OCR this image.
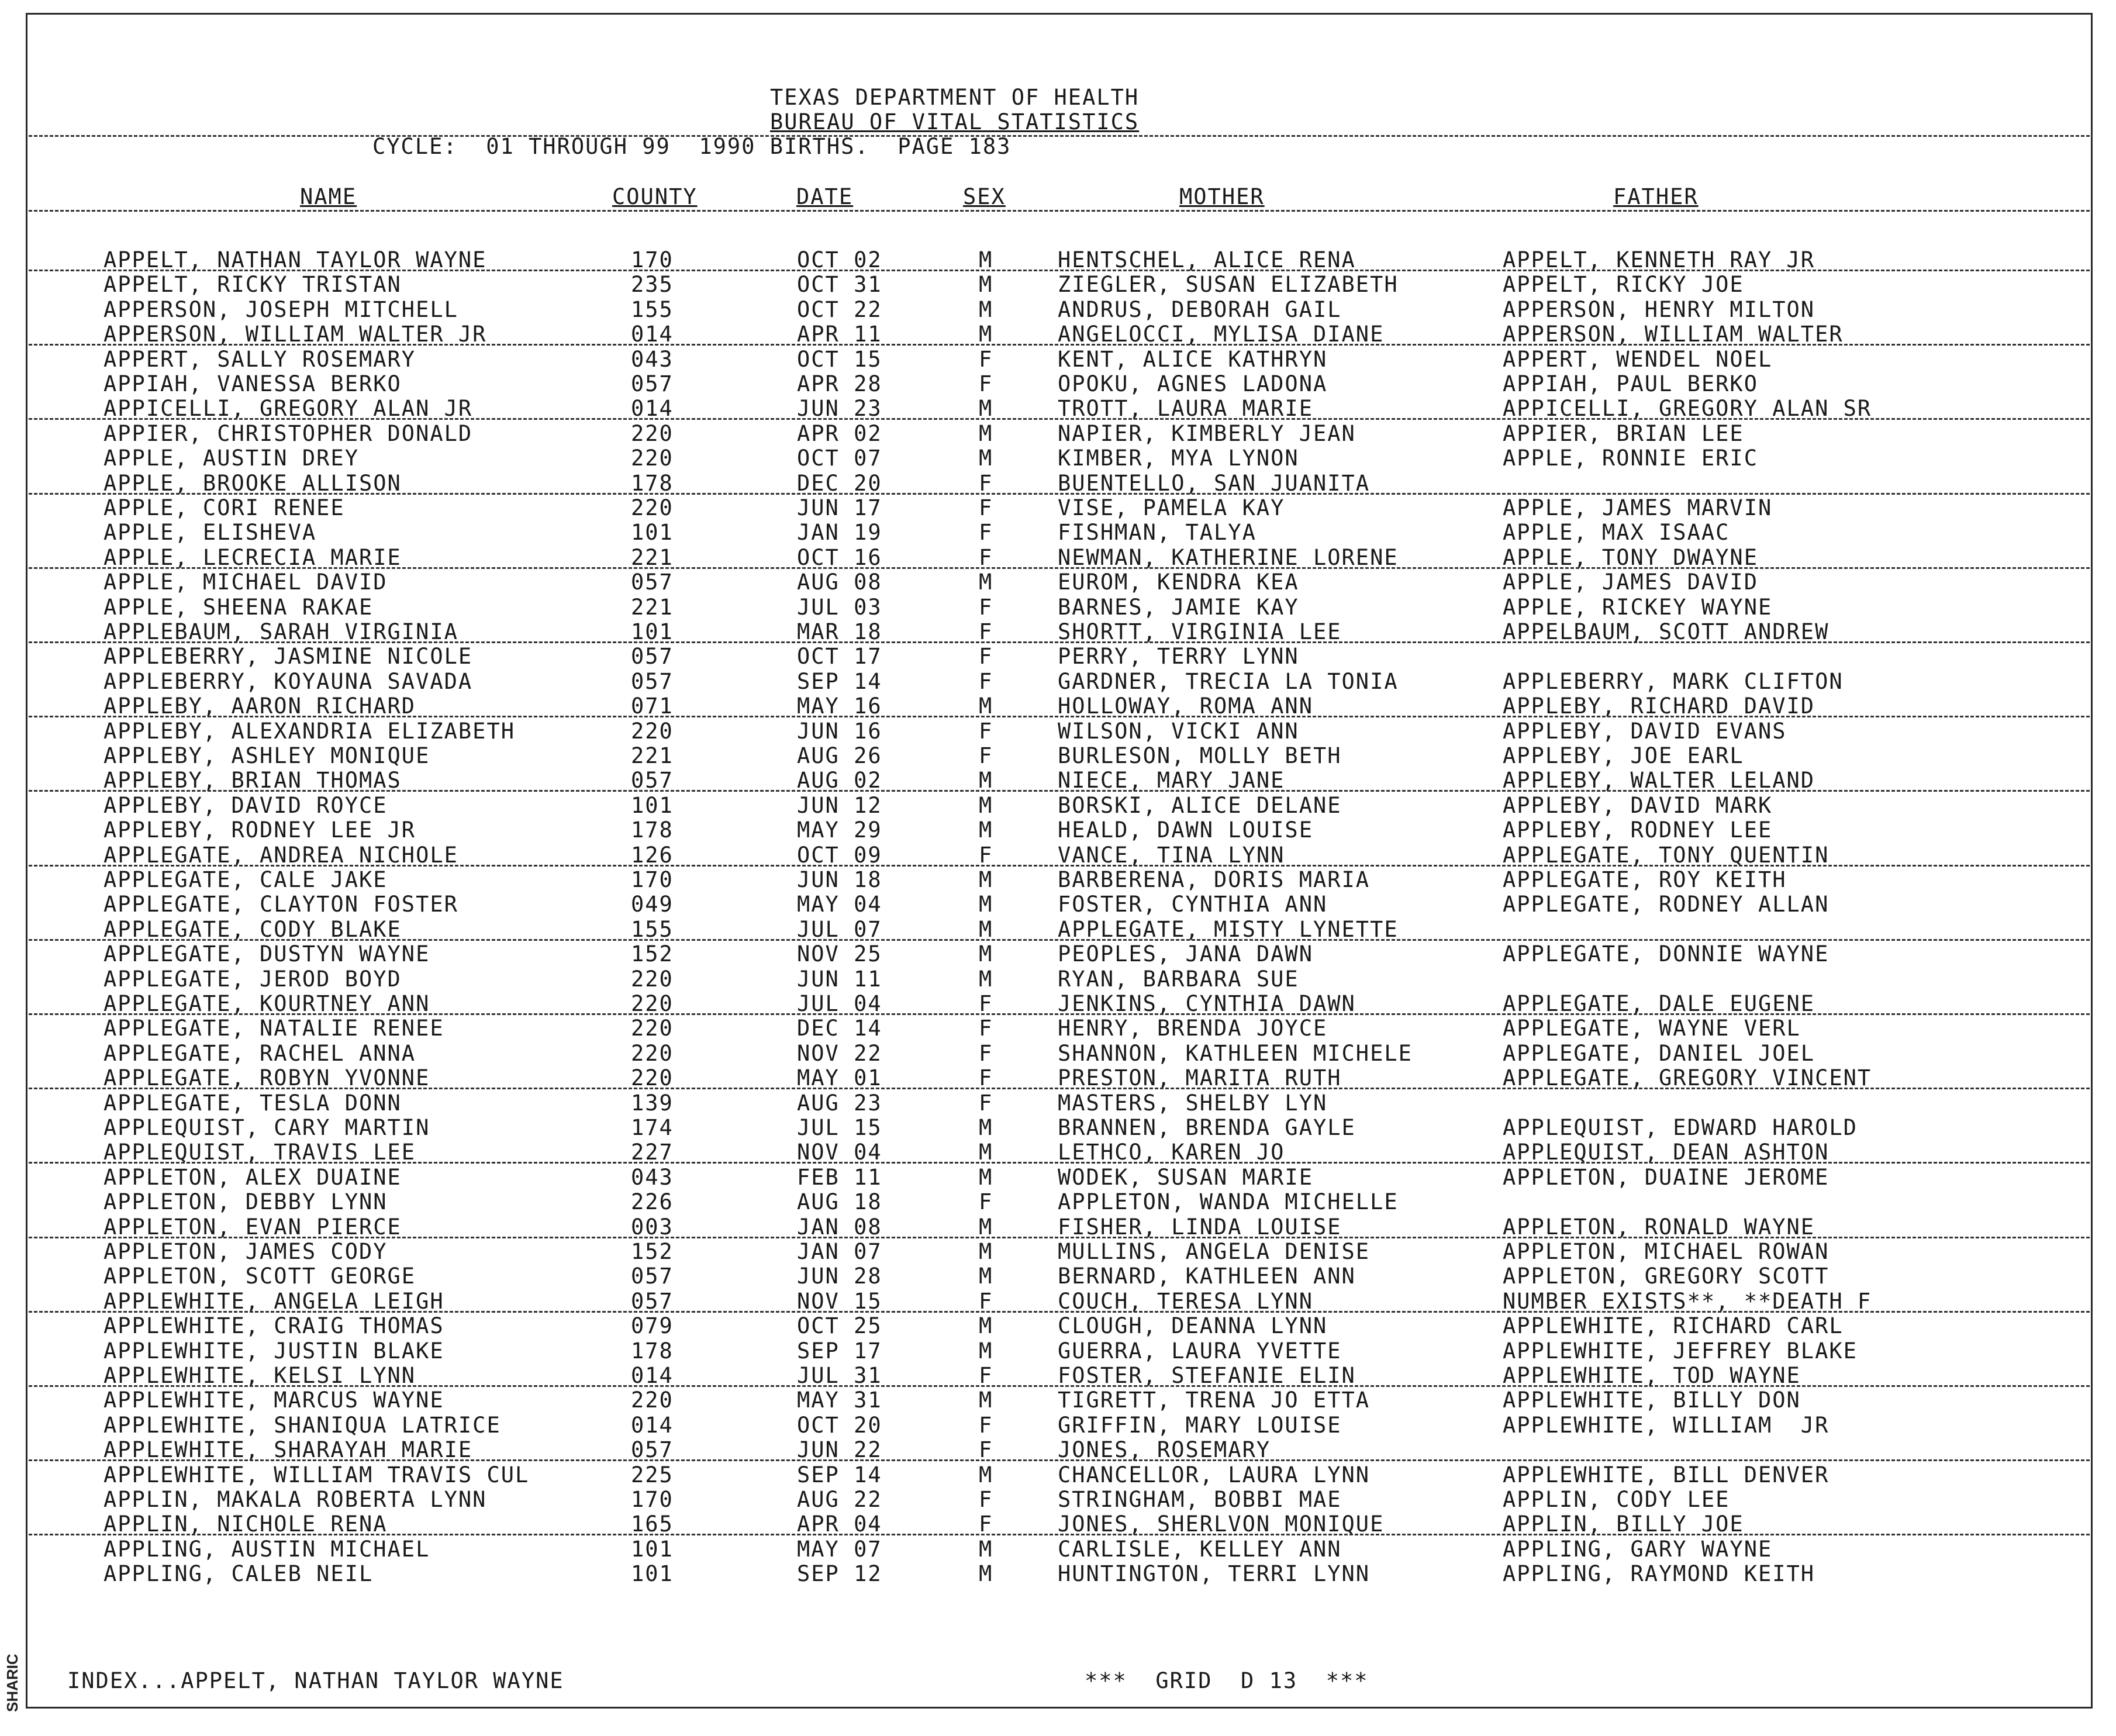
TEXAS DEPARTMENT OF HEALTH
BUREAU OF VITAL STATISTICS
CYCLE:  01 THROUGH 99  1990 BIRTHS.  PAGE 183
NAME	COUNTY	DATE	SEX	MOTHER	FATHER
APPELT, NATHAN TAYLOR WAYNE	170	OCT 02	M	HENTSCHEL, ALICE RENA	APPELT, KENNETH RAY JR
APPELT, RICKY TRISTAN	235	OCT 31	M	ZIEGLER, SUSAN ELIZABETH	APPELT, RICKY JOE
APPERSON, JOSEPH MITCHELL	155	OCT 22	M	ANDRUS, DEBORAH GAIL	APPERSON, HENRY MILTON
APPERSON, WILLIAM WALTER JR	014	APR 11	M	ANGELOCCI, MYLISA DIANE	APPERSON, WILLIAM WALTER
APPERT, SALLY ROSEMARY	043	OCT 15	F	KENT, ALICE KATHRYN	APPERT, WENDEL NOEL
APPIAH, VANESSA BERKO	057	APR 28	F	OPOKU, AGNES LADONA	APPIAH, PAUL BERKO
APPICELLI, GREGORY ALAN JR	014	JUN 23	M	TROTT, LAURA MARIE	APPICELLI, GREGORY ALAN SR
APPIER, CHRISTOPHER DONALD	220	APR 02	M	NAPIER, KIMBERLY JEAN	APPIER, BRIAN LEE
APPLE, AUSTIN DREY	220	OCT 07	M	KIMBER, MYA LYNON	APPLE, RONNIE ERIC
APPLE, BROOKE ALLISON	178	DEC 20	F	BUENTELLO, SAN JUANITA
APPLE, CORI RENEE	220	JUN 17	F	VISE, PAMELA KAY	APPLE, JAMES MARVIN
APPLE, ELISHEVA	101	JAN 19	F	FISHMAN, TALYA	APPLE, MAX ISAAC
APPLE, LECRECIA MARIE	221	OCT 16	F	NEWMAN, KATHERINE LORENE	APPLE, TONY DWAYNE
APPLE, MICHAEL DAVID	057	AUG 08	M	EUROM, KENDRA KEA	APPLE, JAMES DAVID
APPLE, SHEENA RAKAE	221	JUL 03	F	BARNES, JAMIE KAY	APPLE, RICKEY WAYNE
APPLEBAUM, SARAH VIRGINIA	101	MAR 18	F	SHORTT, VIRGINIA LEE	APPELBAUM, SCOTT ANDREW
APPLEBERRY, JASMINE NICOLE	057	OCT 17	F	PERRY, TERRY LYNN
APPLEBERRY, KOYAUNA SAVADA	057	SEP 14	F	GARDNER, TRECIA LA TONIA	APPLEBERRY, MARK CLIFTON
APPLEBY, AARON RICHARD	071	MAY 16	M	HOLLOWAY, ROMA ANN	APPLEBY, RICHARD DAVID
APPLEBY, ALEXANDRIA ELIZABETH	220	JUN 16	F	WILSON, VICKI ANN	APPLEBY, DAVID EVANS
APPLEBY, ASHLEY MONIQUE	221	AUG 26	F	BURLESON, MOLLY BETH	APPLEBY, JOE EARL
APPLEBY, BRIAN THOMAS	057	AUG 02	M	NIECE, MARY JANE	APPLEBY, WALTER LELAND
APPLEBY, DAVID ROYCE	101	JUN 12	M	BORSKI, ALICE DELANE	APPLEBY, DAVID MARK
APPLEBY, RODNEY LEE JR	178	MAY 29	M	HEALD, DAWN LOUISE	APPLEBY, RODNEY LEE
APPLEGATE, ANDREA NICHOLE	126	OCT 09	F	VANCE, TINA LYNN	APPLEGATE, TONY QUENTIN
APPLEGATE, CALE JAKE	170	JUN 18	M	BARBERENA, DORIS MARIA	APPLEGATE, ROY KEITH
APPLEGATE, CLAYTON FOSTER	049	MAY 04	M	FOSTER, CYNTHIA ANN	APPLEGATE, RODNEY ALLAN
APPLEGATE, CODY BLAKE	155	JUL 07	M	APPLEGATE, MISTY LYNETTE
APPLEGATE, DUSTYN WAYNE	152	NOV 25	M	PEOPLES, JANA DAWN	APPLEGATE, DONNIE WAYNE
APPLEGATE, JEROD BOYD	220	JUN 11	M	RYAN, BARBARA SUE
APPLEGATE, KOURTNEY ANN	220	JUL 04	F	JENKINS, CYNTHIA DAWN	APPLEGATE, DALE EUGENE
APPLEGATE, NATALIE RENEE	220	DEC 14	F	HENRY, BRENDA JOYCE	APPLEGATE, WAYNE VERL
APPLEGATE, RACHEL ANNA	220	NOV 22	F	SHANNON, KATHLEEN MICHELE	APPLEGATE, DANIEL JOEL
APPLEGATE, ROBYN YVONNE	220	MAY 01	F	PRESTON, MARITA RUTH	APPLEGATE, GREGORY VINCENT
APPLEGATE, TESLA DONN	139	AUG 23	F	MASTERS, SHELBY LYN
APPLEQUIST, CARY MARTIN	174	JUL 15	M	BRANNEN, BRENDA GAYLE	APPLEQUIST, EDWARD HAROLD
APPLEQUIST, TRAVIS LEE	227	NOV 04	M	LETHCO, KAREN JO	APPLEQUIST, DEAN ASHTON
APPLETON, ALEX DUAINE	043	FEB 11	M	WODEK, SUSAN MARIE	APPLETON, DUAINE JEROME
APPLETON, DEBBY LYNN	226	AUG 18	F	APPLETON, WANDA MICHELLE
APPLETON, EVAN PIERCE	003	JAN 08	M	FISHER, LINDA LOUISE	APPLETON, RONALD WAYNE
APPLETON, JAMES CODY	152	JAN 07	M	MULLINS, ANGELA DENISE	APPLETON, MICHAEL ROWAN
APPLETON, SCOTT GEORGE	057	JUN 28	M	BERNARD, KATHLEEN ANN	APPLETON, GREGORY SCOTT
APPLEWHITE, ANGELA LEIGH	057	NOV 15	F	COUCH, TERESA LYNN	NUMBER EXISTS**, **DEATH F
APPLEWHITE, CRAIG THOMAS	079	OCT 25	M	CLOUGH, DEANNA LYNN	APPLEWHITE, RICHARD CARL
APPLEWHITE, JUSTIN BLAKE	178	SEP 17	M	GUERRA, LAURA YVETTE	APPLEWHITE, JEFFREY BLAKE
APPLEWHITE, KELSI LYNN	014	JUL 31	F	FOSTER, STEFANIE ELIN	APPLEWHITE, TOD WAYNE
APPLEWHITE, MARCUS WAYNE	220	MAY 31	M	TIGRETT, TRENA JO ETTA	APPLEWHITE, BILLY DON
APPLEWHITE, SHANIQUA LATRICE	014	OCT 20	F	GRIFFIN, MARY LOUISE	APPLEWHITE, WILLIAM  JR
APPLEWHITE, SHARAYAH MARIE	057	JUN 22	F	JONES, ROSEMARY
APPLEWHITE, WILLIAM TRAVIS CUL	225	SEP 14	M	CHANCELLOR, LAURA LYNN	APPLEWHITE, BILL DENVER
APPLIN, MAKALA ROBERTA LYNN	170	AUG 22	F	STRINGHAM, BOBBI MAE	APPLIN, CODY LEE
APPLIN, NICHOLE RENA	165	APR 04	F	JONES, SHERLVON MONIQUE	APPLIN, BILLY JOE
APPLING, AUSTIN MICHAEL	101	MAY 07	M	CARLISLE, KELLEY ANN	APPLING, GARY WAYNE
APPLING, CALEB NEIL	101	SEP 12	M	HUNTINGTON, TERRI LYNN	APPLING, RAYMOND KEITH
INDEX...APPELT, NATHAN TAYLOR WAYNE	***  GRID  D 13  ***
SHARIC
